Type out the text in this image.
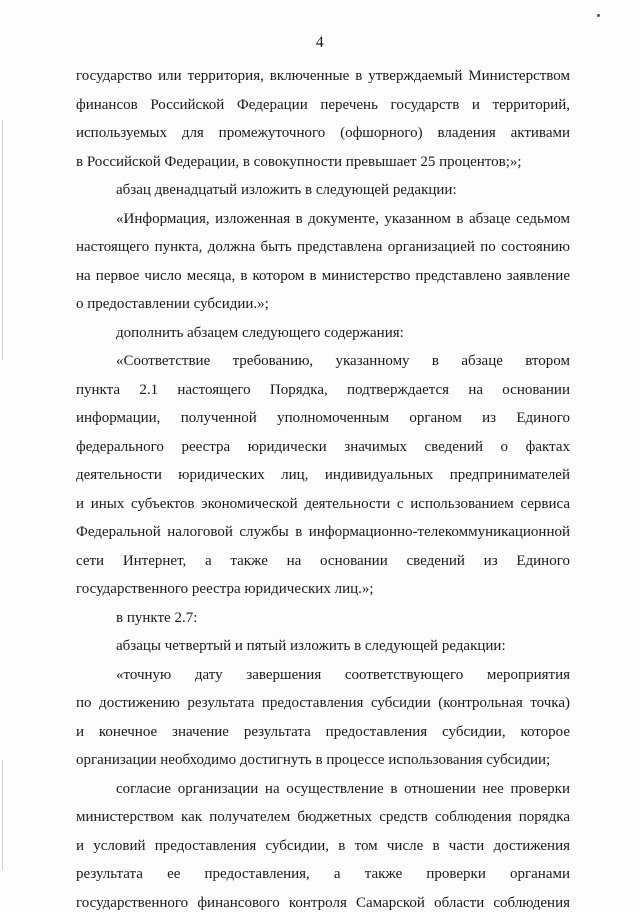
4

государство или территория, включенные в утверждаемый Министерством
финансов Российской Федерации перечень государств и территорий,
используемых для промежуточного (офшорного) владения активами
в Российской Федерации, в совокупности превышает 25 процентов;»;

абзац двенадцатый изложить в следующей редакции:

«Информация, изложенная в документе, указанном в абзаце седьмом
настоящего пункта, должна быть представлена организацией по состоянию
на первое число месяца, в котором в министерство представлено заявление
о предоставлении субсидии.»;

дополнить абзацем следующего содержания:

«Соответствие требованию, указанному в абзаце втором
пункта 2.1 настоящего Порядка, подтверждается на основании
информации, полученной уполномоченным органом из Единого
федерального реестра юридически значимых сведений о фактах
деятельности юридических лиц, индивидуальных предпринимателей
и иных субъектов экономической деятельности с использованием сервиса
Федеральной налоговой службы в информационно-телекоммуникационной
сети Интернет, а также на основании сведений из Единого
государственного реестра юридических лиц.»;

в пункте 2.7:

абзацы четвертый и пятый изложить в следующей редакции:

«точную дату завершения соответствующего мероприятия
по достижению результата предоставления субсидии (контрольная точка)
и конечное значение результата предоставления субсидии, которое
организации необходимо достигнуть в процессе использования субсидии;

согласие организации на осуществление в отношении нее проверки
министерством как получателем бюджетных средств соблюдения порядка
и условий предоставления субсидии, в том числе в части достижения
результата ее предоставления, а также проверки органами
государственного финансового контроля Самарской области соблюдения
